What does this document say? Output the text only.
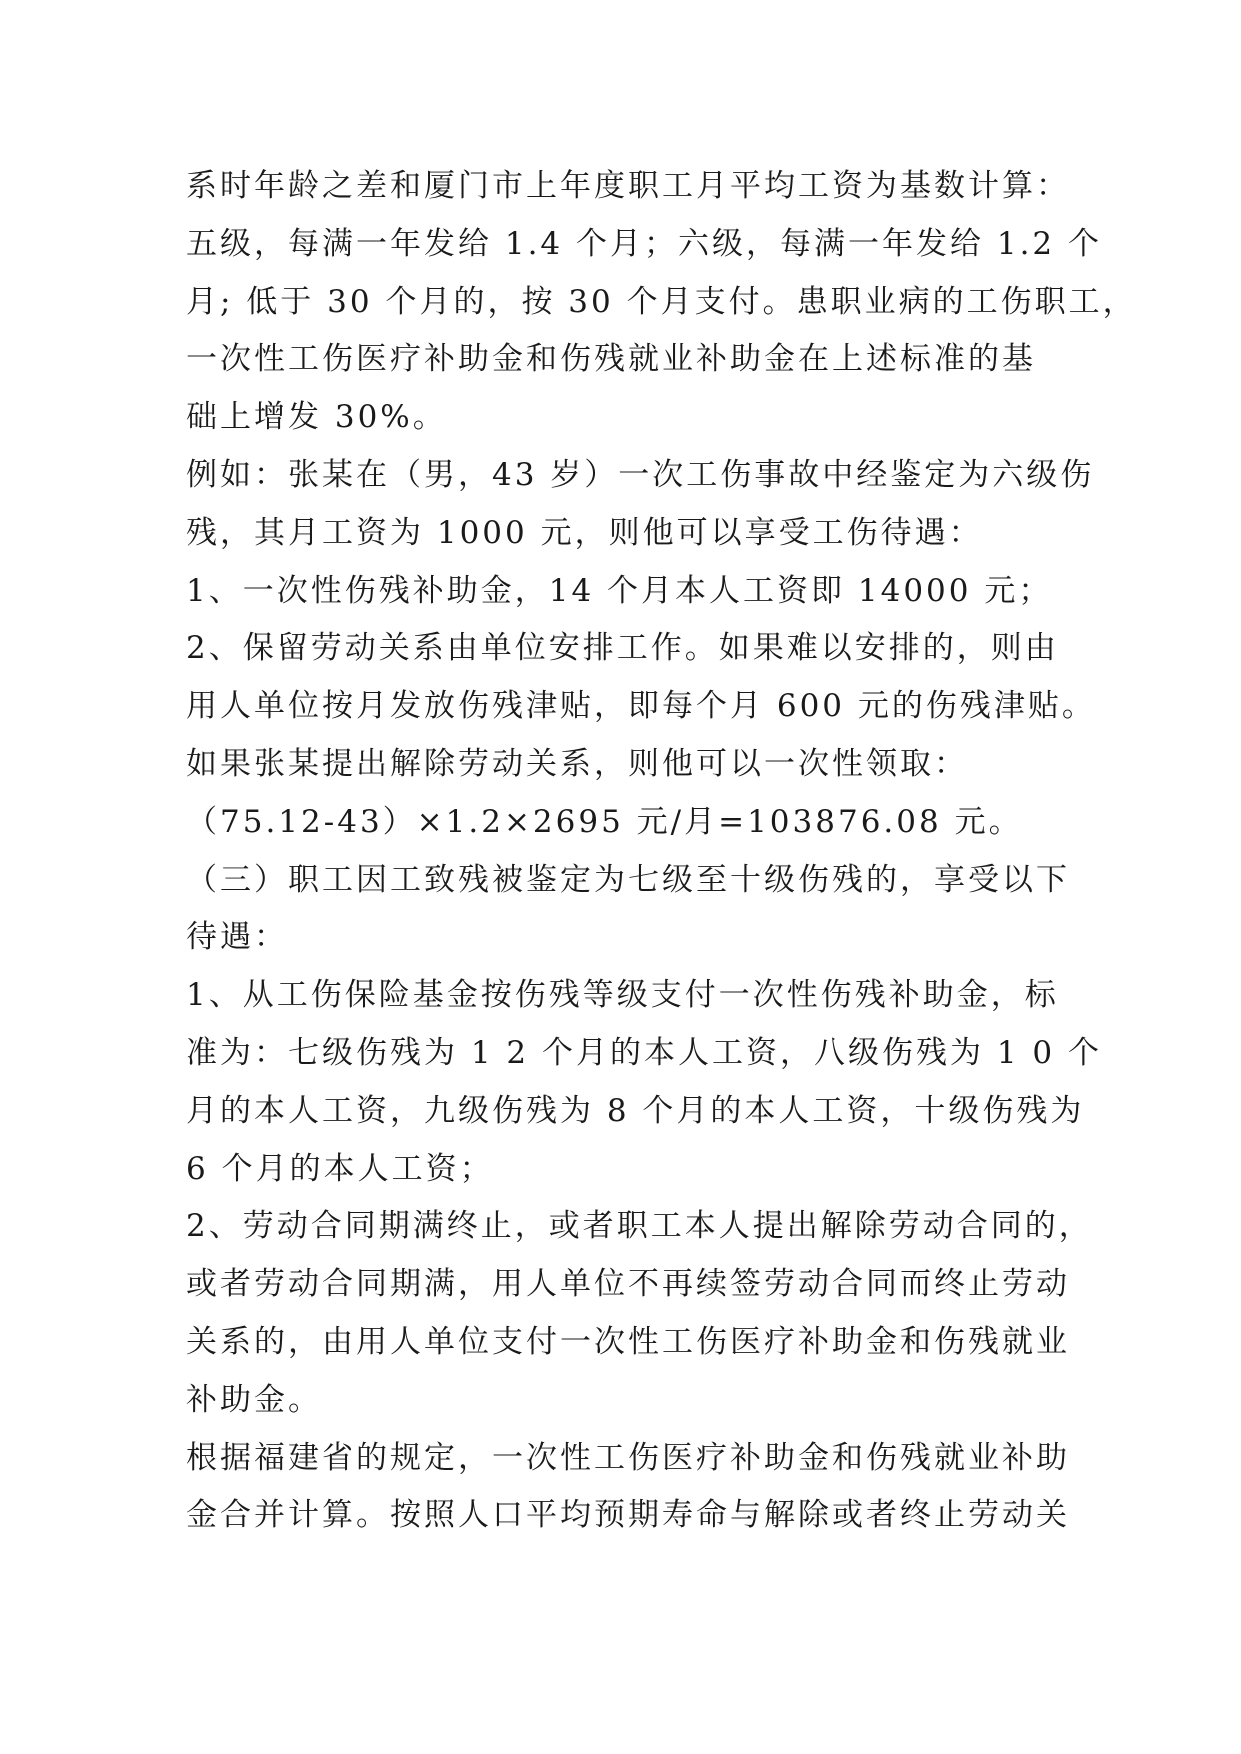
系时年龄之差和厦门市上年度职工月平均工资为基数计算：
五级，每满一年发给 1.4 个月；六级，每满一年发给 1.2 个
月; 低于 30 个月的，按 30 个月支付。患职业病的工伤职工，
一次性工伤医疗补助金和伤残就业补助金在上述标准的基
础上增发 30%。
例如：张某在（男，43 岁）一次工伤事故中经鉴定为六级伤
残，其月工资为 1000 元，则他可以享受工伤待遇：
1、一次性伤残补助金，14 个月本人工资即 14000 元；
2、保留劳动关系由单位安排工作。如果难以安排的，则由
用人单位按月发放伤残津贴，即每个月 600 元的伤残津贴。
如果张某提出解除劳动关系，则他可以一次性领取：
（75.12-43）×1.2×2695 元/月=103876.08 元。
（三）职工因工致残被鉴定为七级至十级伤残的，享受以下
待遇：
1、从工伤保险基金按伤残等级支付一次性伤残补助金，标
准为：七级伤残为 1 2 个月的本人工资，八级伤残为 1 0 个
月的本人工资，九级伤残为 8 个月的本人工资，十级伤残为
6 个月的本人工资；
2、劳动合同期满终止，或者职工本人提出解除劳动合同的，
或者劳动合同期满，用人单位不再续签劳动合同而终止劳动
关系的，由用人单位支付一次性工伤医疗补助金和伤残就业
补助金。
根据福建省的规定，一次性工伤医疗补助金和伤残就业补助
金合并计算。按照人口平均预期寿命与解除或者终止劳动关
